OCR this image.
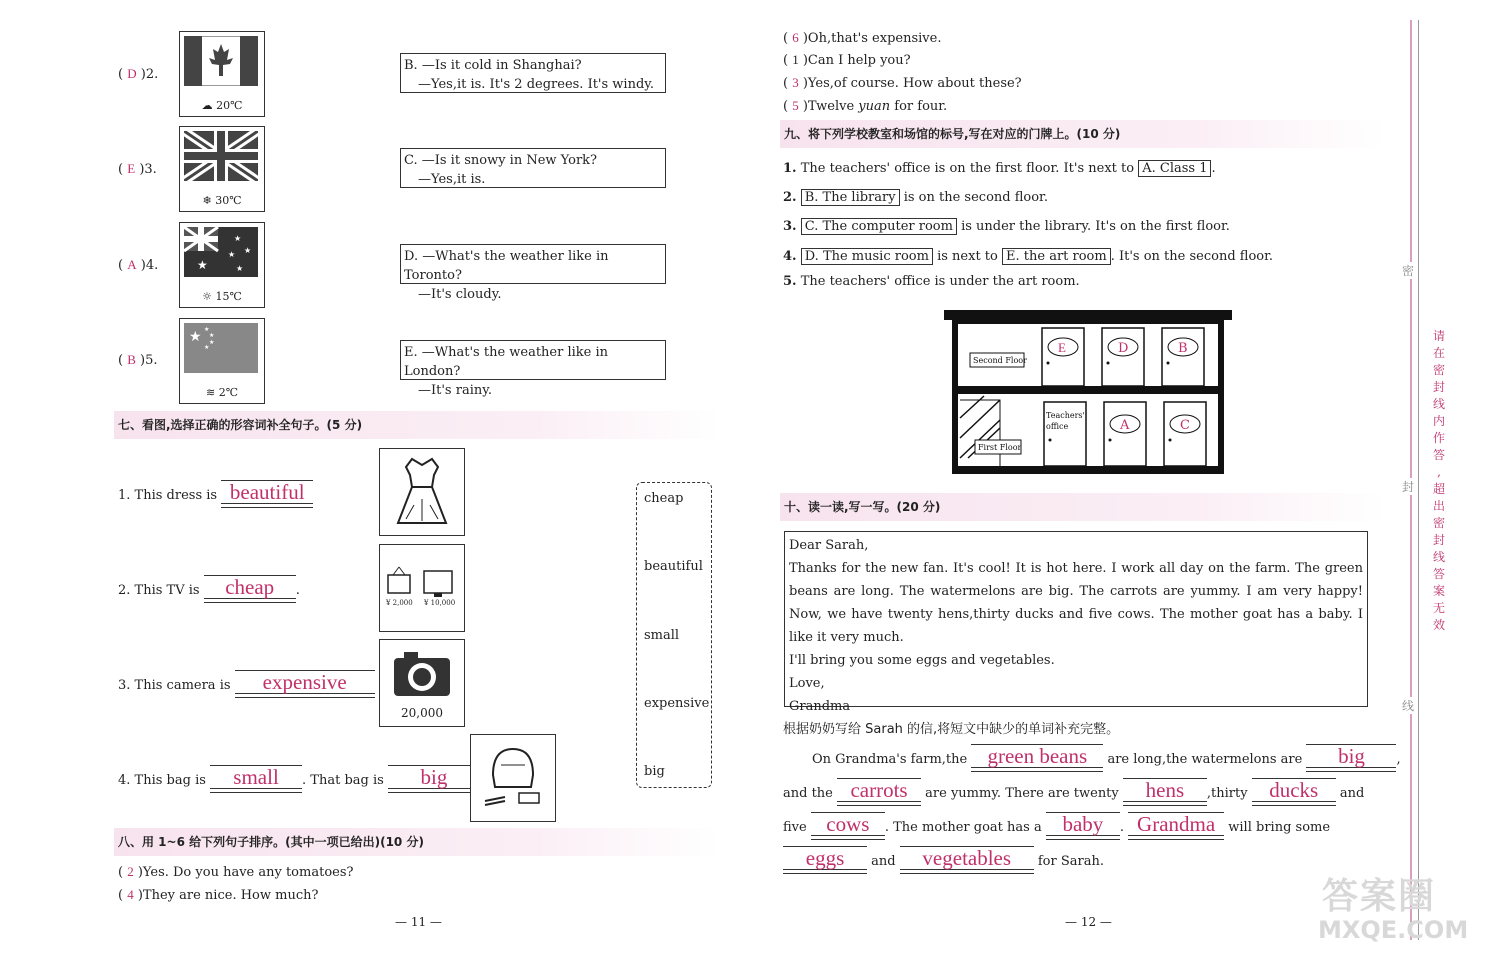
( D )2.
☁ 20℃
B. —Is it cold in Shanghai?
—Yes,it is. It's 2 degrees. It's windy.
( E )3.
❄ 30℃
C. —Is it snowy in New York?
—Yes,it is.
( A )4.	★
★
★
★
★
☼ 15℃
D. —What's the weather like in Toronto?
—It's cloudy.
( B )5.
★ ★
★
★
★
≋ 2℃
E. —What's the weather like in London?
—It's rainy.
七、看图,选择正确的形容词补全句子。(5 分)
1. This dress is beautiful
2. This TV is cheap .
¥ 2,000 ¥ 10,000
3. This camera is expensive
20,000
4. This bag is small . That bag is big
cheap
beautiful
small
expensive
big
八、用 1~6 给下列句子排序。(其中一项已给出)(10 分)
( 2 )Yes. Do you have any tomatoes?
( 4 )They are nice. How much?
— 11 —
( 6 )Oh,that's expensive.
( 1 )Can I help you?
( 3 )Yes,of course. How about these?
( 5 )Twelve yuan for four.
九、将下列学校教室和场馆的标号,写在对应的门牌上。(10 分)
1. The teachers' office is on the first floor. It's next to A. Class 1 .
2. B. The library is on the second floor.
3. C. The computer room is under the library. It's on the first floor.
4. D. The music room is next to E. the art room . It's on the second floor.
5. The teachers' office is under the art room.
Second Floor
First Floor
E	D	B
Teachers'
office	A	C
十、读一读,写一写。(20 分)
Dear Sarah,
Thanks for the new fan. It's cool! It is hot here. I work all day on the farm. The green beans are long. The watermelons are big. The carrots are yummy. I am very happy! Now, we have twenty hens,thirty ducks and five cows. The mother goat has a baby. I like it very much.
I'll bring you some eggs and vegetables.
Love,
Grandma
根据奶奶写给 Sarah 的信,将短文中缺少的单词补充完整。
On Grandma's farm,the green beans are long,the watermelons are big ,
and the carrots are yummy. There are twenty hens ,thirty ducks and
five cows . The mother goat has a baby . Grandma will bring some
eggs and vegetables for Sarah.
— 12 —
密
封
线
请
在
密
封
线
内
作
答
,
超
出
密
封
线
答
案
无
效
答案圈
MXQE.COM
